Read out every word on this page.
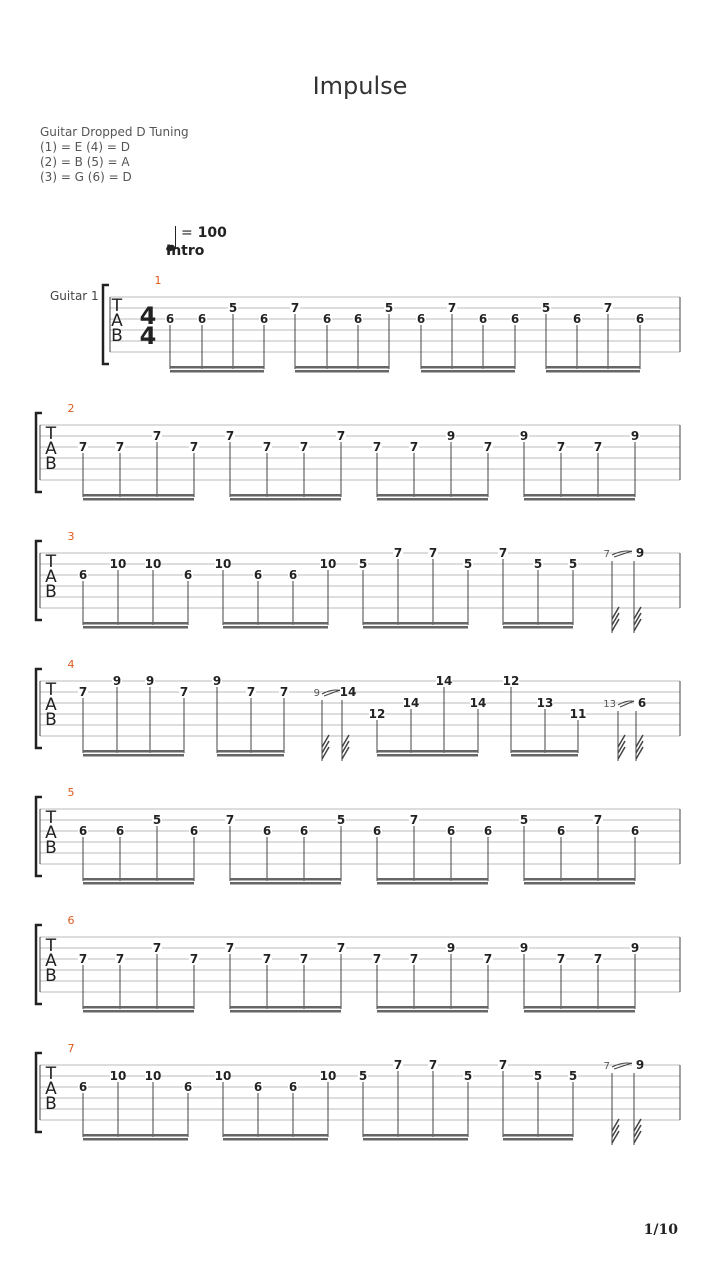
Impulse
Guitar Dropped D Tuning
(1) = E (4) = D
(2) = B (5) = A
(3) = G (6) = D
= 100
Intro
Guitar 1 T
A
B
1
4
4
6 6
5
6
7
6 6
5
6
7
6 6
5
6
7
6
T
A
B
2
7 7
7
7
7
7 7
7
7 7
9
7
9
7 7
9
T
A
B
3
6
10 10
6
10
6 6
10 5
7 7
5
7
5 5
7 9
T
A
B
4
7
9 9
7
9
7 7	9 14
12
14
14
14
12
13
11
13 6
T
A
B
5
6 6
5
6
7
6 6
5
6
7
6 6
5
6
7
6
T
A
B
6
7 7
7
7
7
7 7
7
7 7
9
7
9
7 7
9
T
A
B
7
6
10 10
6
10
6 6
10 5
7 7
5
7
5 5
7 9
1/10
